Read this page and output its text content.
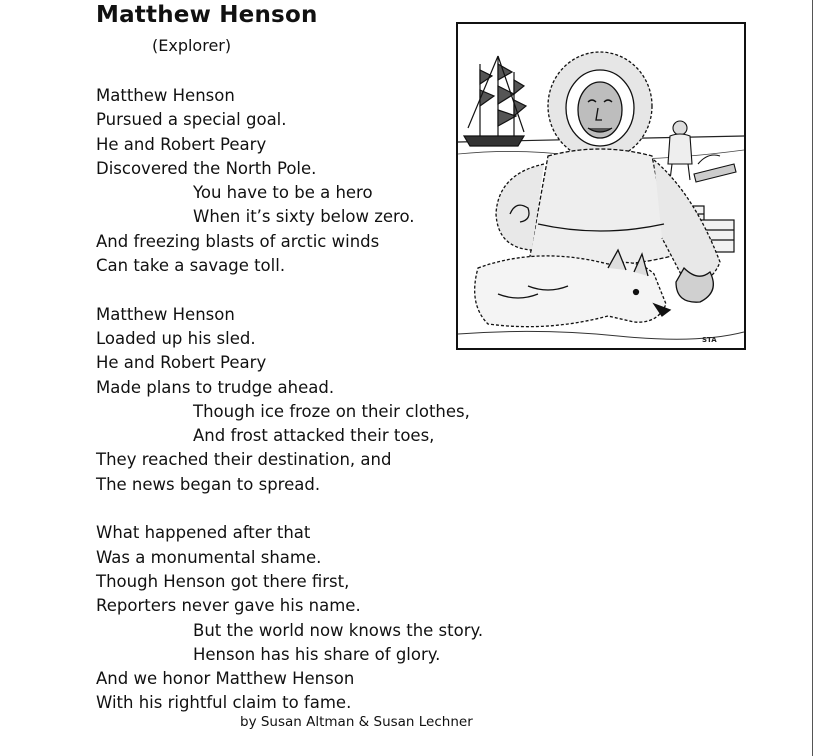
Matthew Henson
(Explorer)
Matthew Henson
Pursued a special goal.
He and Robert Peary
Discovered the North Pole.
You have to be a hero
When it’s sixty below zero.
And freezing blasts of arctic winds
Can take a savage toll.
Matthew Henson
Loaded up his sled.
He and Robert Peary
Made plans to trudge ahead.
Though ice froze on their clothes,
And frost attacked their toes,
They reached their destination, and
The news began to spread.
What happened after that
Was a monumental shame.
Though Henson got there first,
Reporters never gave his name.
But the world now knows the story.
Henson has his share of glory.
And we honor Matthew Henson
With his rightful claim to fame.
by Susan Altman & Susan Lechner
STA
